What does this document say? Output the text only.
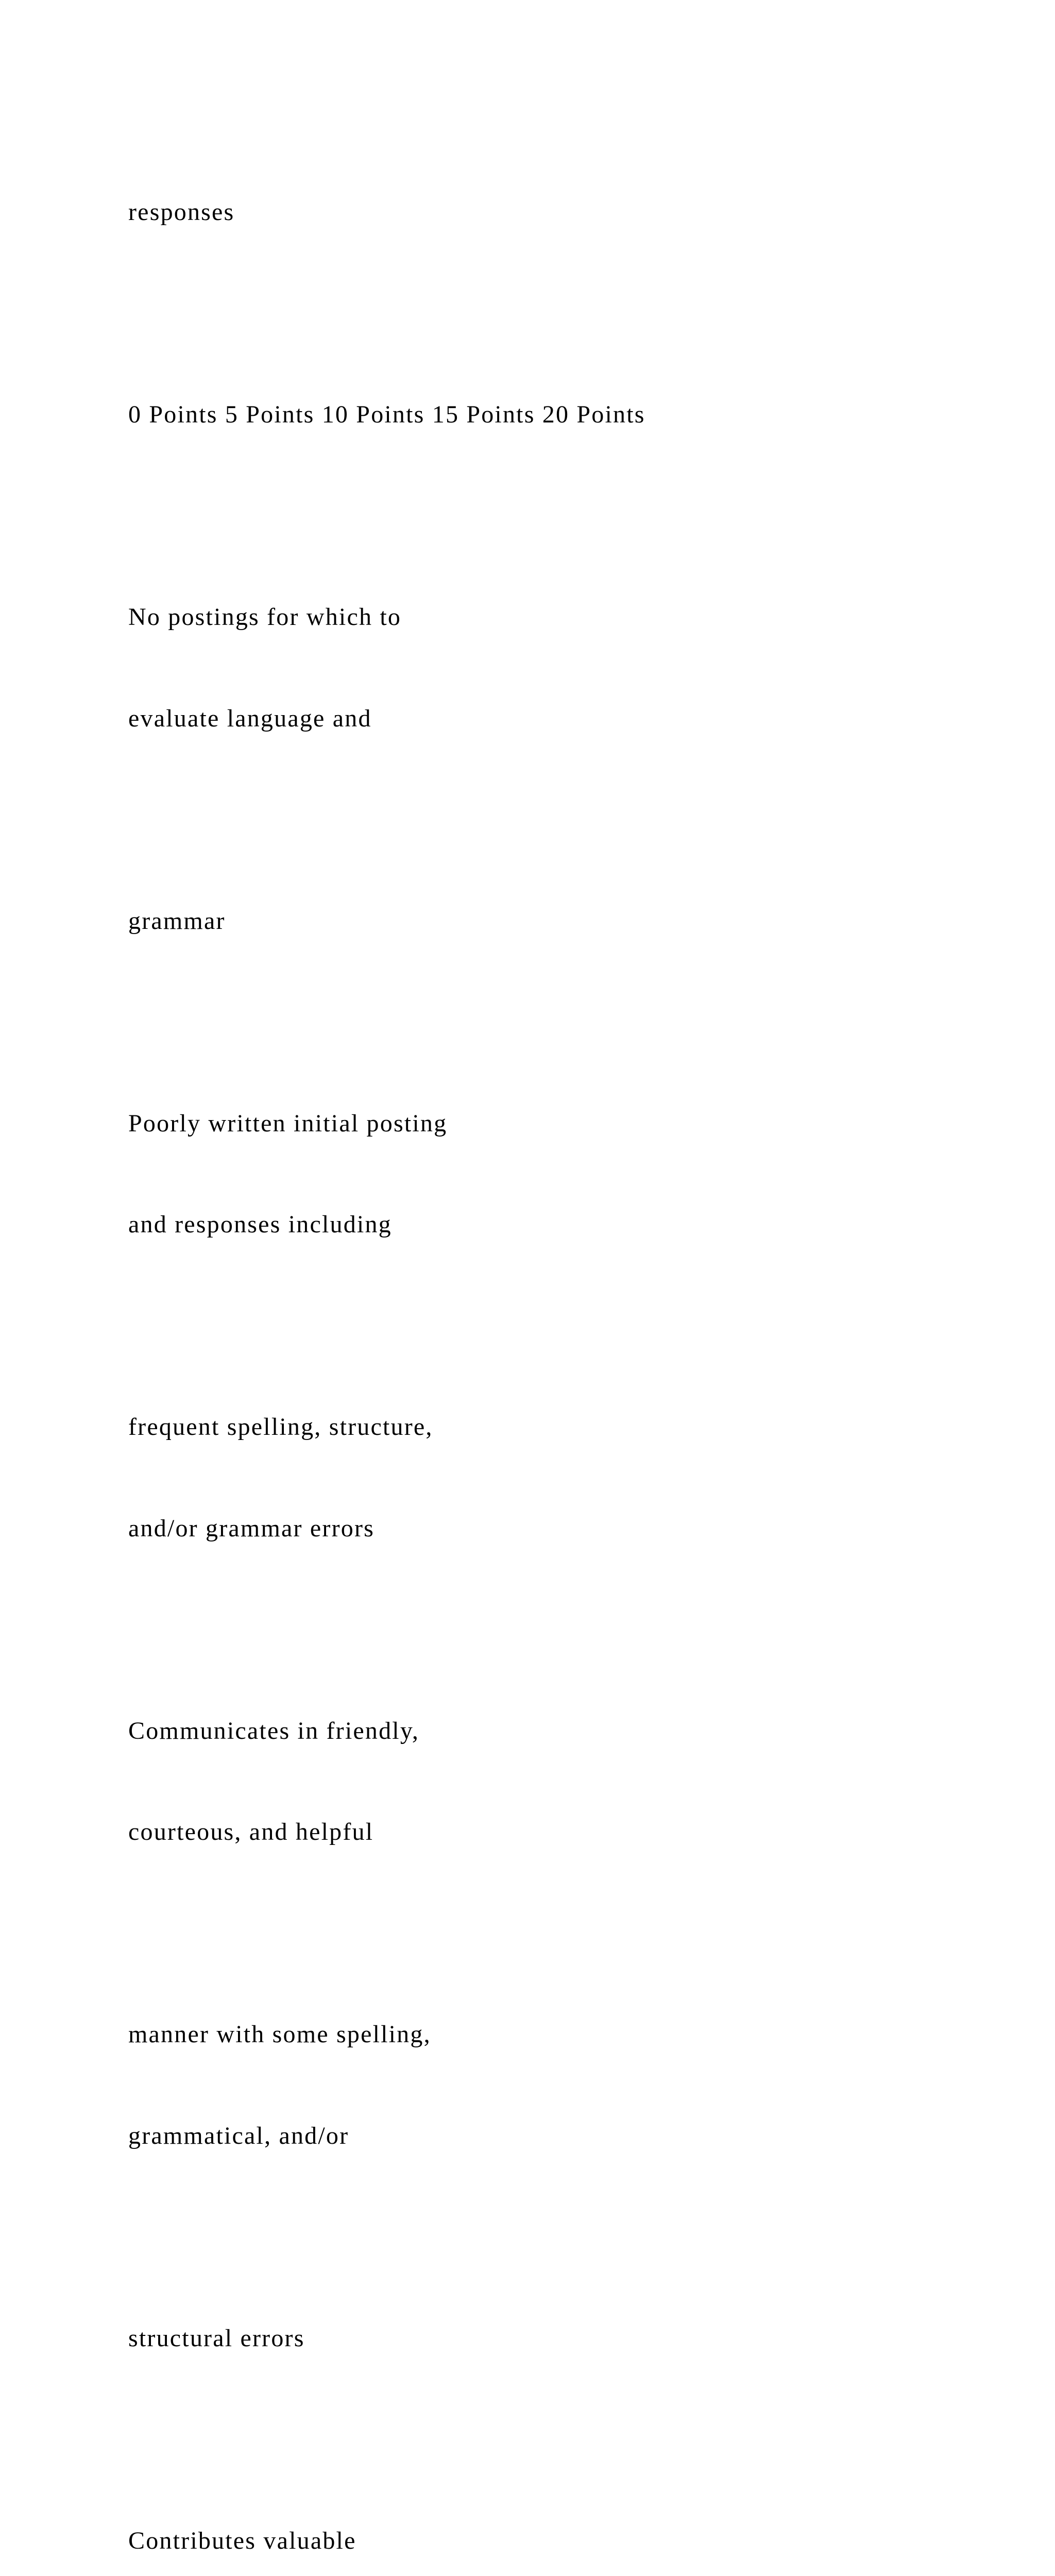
responses

0 Points 5 Points 10 Points 15 Points 20 Points

No postings for which to

evaluate language and

grammar

Poorly written initial posting

and responses including

frequent spelling, structure,

and/or grammar errors

Communicates in friendly,

courteous, and helpful

manner with some spelling,

grammatical, and/or

structural errors

Contributes valuable
